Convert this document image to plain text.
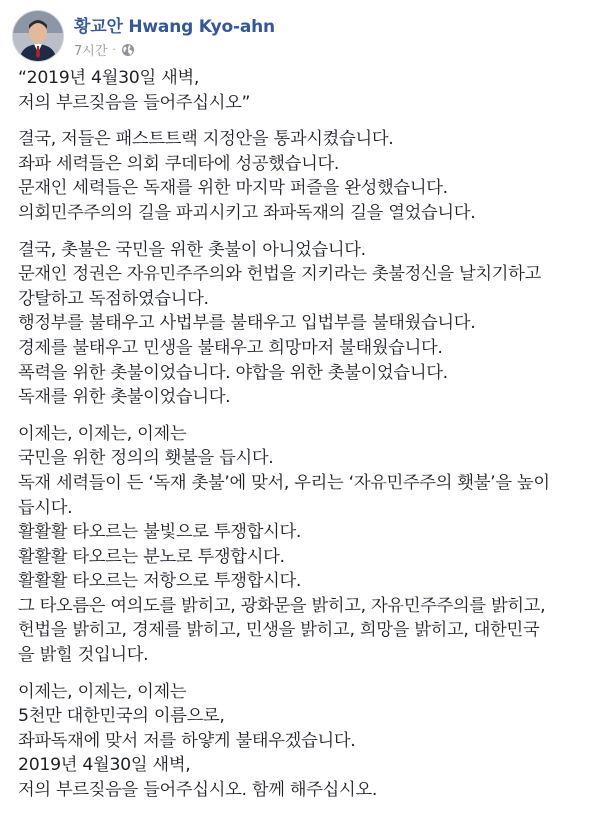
황교안 Hwang Kyo-ahn
7시간 ·
“2019년 4월30일 새벽,
저의 부르짖음을 들어주십시오”
결국, 저들은 패스트트랙 지정안을 통과시켰습니다.
좌파 세력들은 의회 쿠데타에 성공했습니다.
문재인 세력들은 독재를 위한 마지막 퍼즐을 완성했습니다.
의회민주주의의 길을 파괴시키고 좌파독재의 길을 열었습니다.
결국, 촛불은 국민을 위한 촛불이 아니었습니다.
문재인 정권은 자유민주주의와 헌법을 지키라는 촛불정신을 날치기하고
강탈하고 독점하였습니다.
행정부를 불태우고 사법부를 불태우고 입법부를 불태웠습니다.
경제를 불태우고 민생을 불태우고 희망마저 불태웠습니다.
폭력을 위한 촛불이었습니다. 야합을 위한 촛불이었습니다.
독재를 위한 촛불이었습니다.
이제는, 이제는, 이제는
국민을 위한 정의의 횃불을 듭시다.
독재 세력들이 든 ‘독재 촛불’에 맞서, 우리는 ‘자유민주주의 횃불’을 높이
듭시다.
활활활 타오르는 불빛으로 투쟁합시다.
활활활 타오르는 분노로 투쟁합시다.
활활활 타오르는 저항으로 투쟁합시다.
그 타오름은 여의도를 밝히고, 광화문을 밝히고, 자유민주주의를 밝히고,
헌법을 밝히고, 경제를 밝히고, 민생을 밝히고, 희망을 밝히고, 대한민국
을 밝힐 것입니다.
이제는, 이제는, 이제는
5천만 대한민국의 이름으로,
좌파독재에 맞서 저를 하얗게 불태우겠습니다.
2019년 4월30일 새벽,
저의 부르짖음을 들어주십시오. 함께 해주십시오.
